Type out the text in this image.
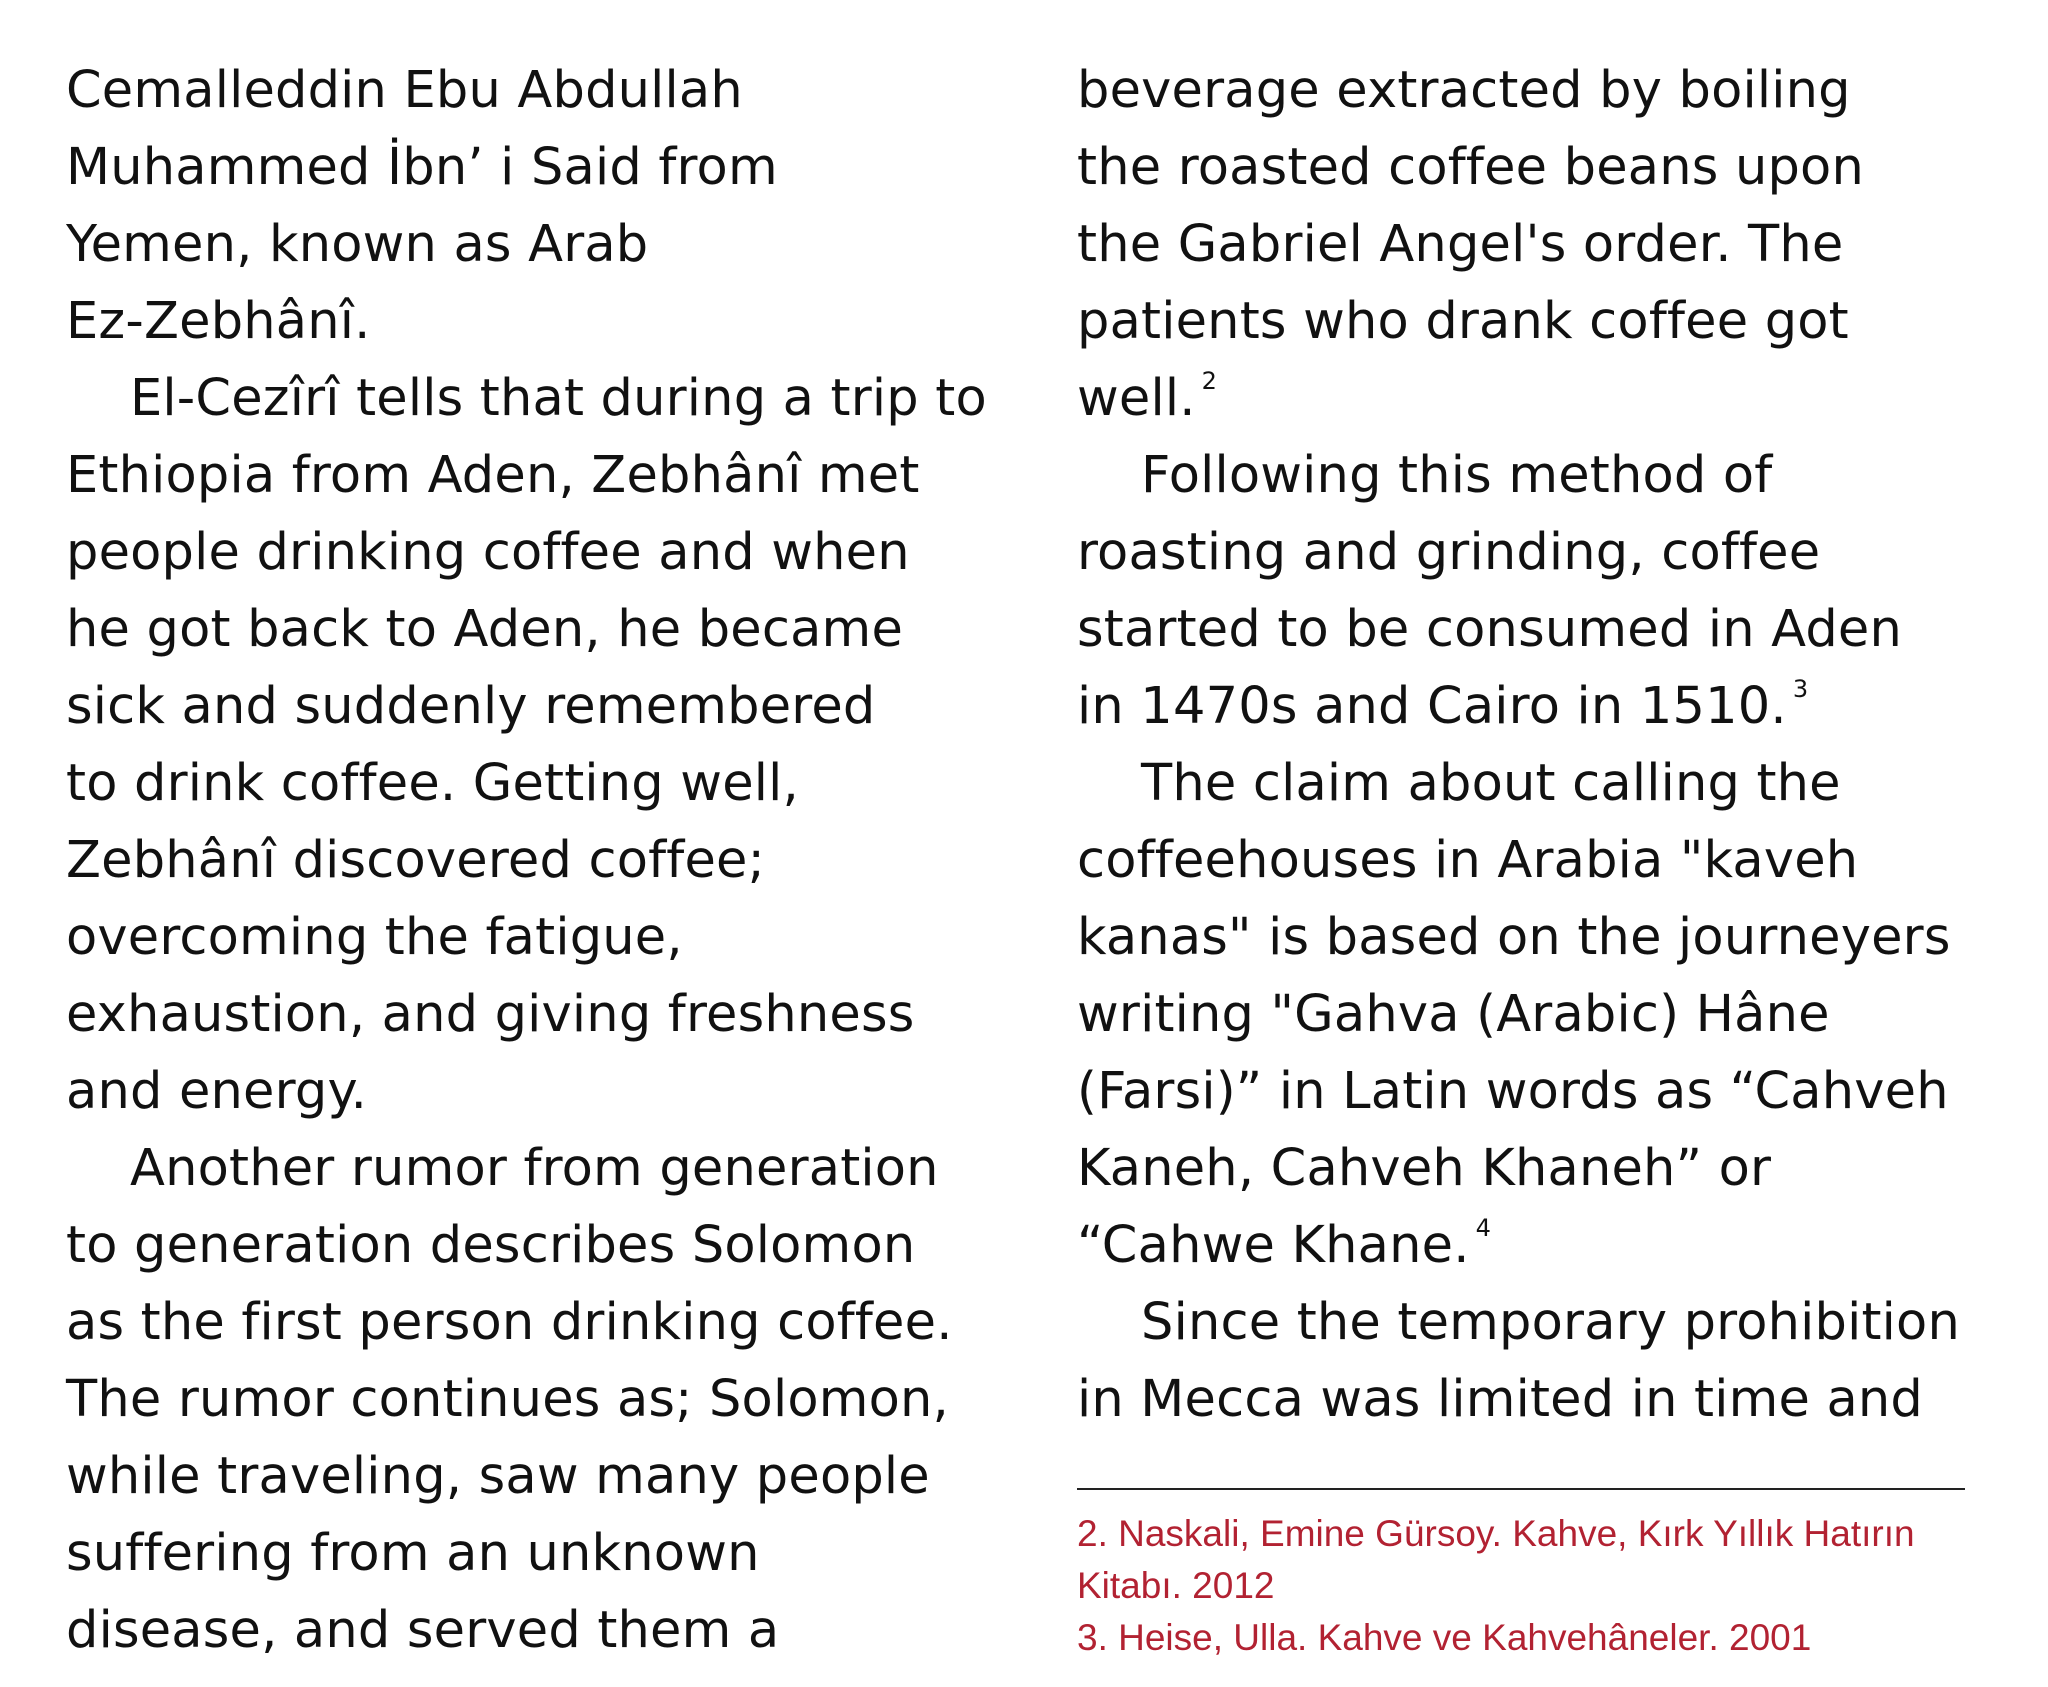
Cemalleddin Ebu Abdullah
Muhammed İbn’ i Said from
Yemen, known as Arab
Ez-Zebhânî.
El-Cezîrî tells that during a trip to
Ethiopia from Aden, Zebhânî met
people drinking coffee and when
he got back to Aden, he became
sick and suddenly remembered
to drink coffee. Getting well,
Zebhânî discovered coffee;
overcoming the fatigue,
exhaustion, and giving freshness
and energy.
Another rumor from generation
to generation describes Solomon
as the first person drinking coffee.
The rumor continues as; Solomon,
while traveling, saw many people
suffering from an unknown
disease, and served them a
beverage extracted by boiling
the roasted coffee beans upon
the Gabriel Angel's order. The
patients who drank coffee got
well. $^2$
Following this method of
roasting and grinding, coffee
started to be consumed in Aden
in 1470s and Cairo in 1510. $^3$
The claim about calling the
coffeehouses in Arabia "kaveh
kanas" is based on the journeyers
writing "Gahva (Arabic) Hâne
(Farsi)” in Latin words as “Cahveh
Kaneh, Cahveh Khaneh” or
“Cahwe Khane. $^4$
Since the temporary prohibition
in Mecca was limited in time and
2. Naskali, Emine Gürsoy. Kahve, Kırk Yıllık Hatırın
Kitabı. 2012
3. Heise, Ulla. Kahve ve Kahvehâneler. 2001
